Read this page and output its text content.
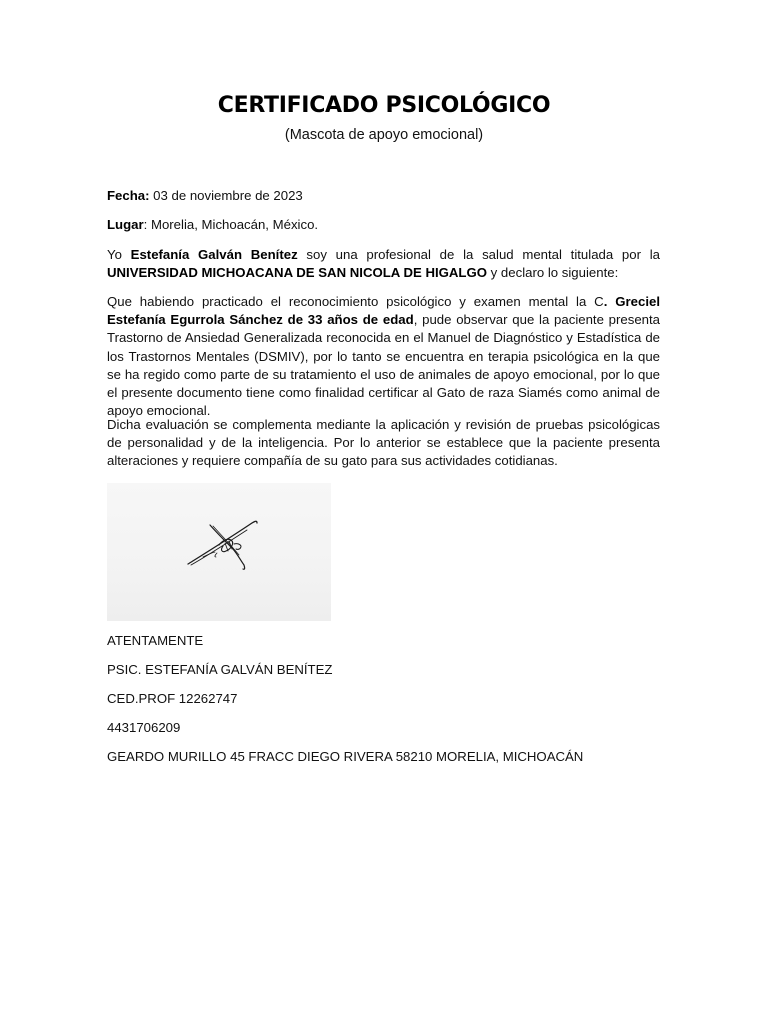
CERTIFICADO PSICOLÓGICO
(Mascota de apoyo emocional)
Fecha: 03 de noviembre de 2023
Lugar: Morelia, Michoacán, México.
Yo Estefanía Galván Benítez soy una profesional de la salud mental titulada por la UNIVERSIDAD MICHOACANA DE SAN NICOLA DE HIGALGO y declaro lo siguiente:
Que habiendo practicado el reconocimiento psicológico y examen mental la C. Greciel Estefanía Egurrola Sánchez de 33 años de edad, pude observar que la paciente presenta Trastorno de Ansiedad Generalizada reconocida en el Manuel de Diagnóstico y Estadística de los Trastornos Mentales (DSMIV), por lo tanto se encuentra en terapia psicológica en la que se ha regido como parte de su tratamiento el uso de animales de apoyo emocional, por lo que el presente documento tiene como finalidad certificar al Gato de raza Siamés como animal de apoyo emocional.
Dicha evaluación se complementa mediante la aplicación y revisión de pruebas psicológicas de personalidad y de la inteligencia. Por lo anterior se establece que la paciente presenta alteraciones y requiere compañía de su gato para sus actividades cotidianas.
ATENTAMENTE
PSIC. ESTEFANÍA GALVÁN BENÍTEZ
CED.PROF 12262747
4431706209
GEARDO MURILLO 45 FRACC DIEGO RIVERA 58210 MORELIA, MICHOACÁN
